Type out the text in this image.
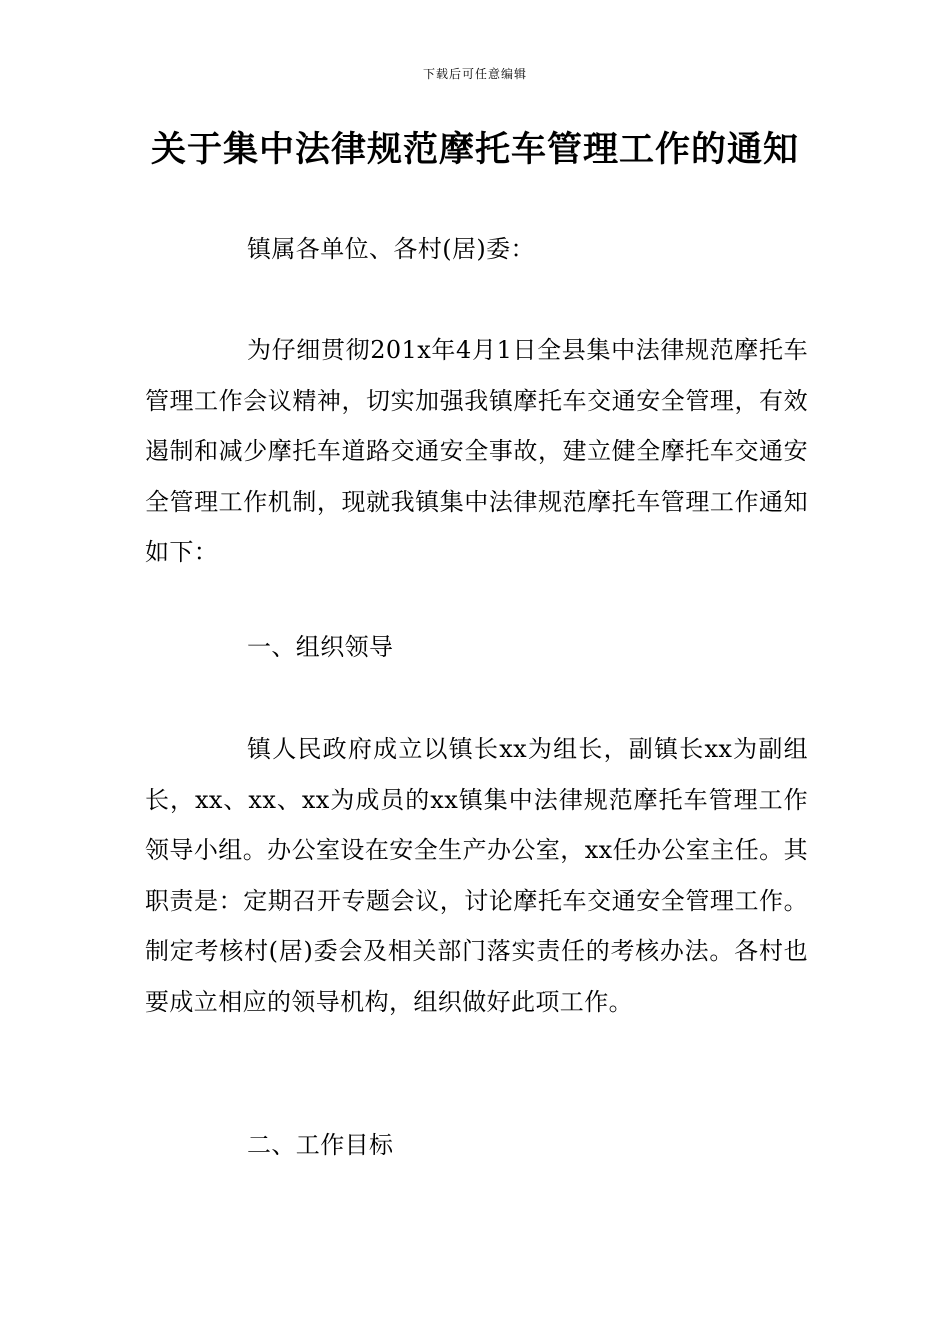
下载后可任意编辑
关于集中法律规范摩托车管理工作的通知

镇属各单位、各村(居)委：

为仔细贯彻201x年4月1日全县集中法律规范摩托车管理工作会议精神，切实加强我镇摩托车交通安全管理，有效遏制和减少摩托车道路交通安全事故，建立健全摩托车交通安全管理工作机制，现就我镇集中法律规范摩托车管理工作通知如下：

一、组织领导

镇人民政府成立以镇长xx为组长，副镇长xx为副组长，xx、xx、xx为成员的xx镇集中法律规范摩托车管理工作领导小组。办公室设在安全生产办公室，xx任办公室主任。其职责是：定期召开专题会议，讨论摩托车交通安全管理工作。制定考核村(居)委会及相关部门落实责任的考核办法。各村也要成立相应的领导机构，组织做好此项工作。

二、工作目标
